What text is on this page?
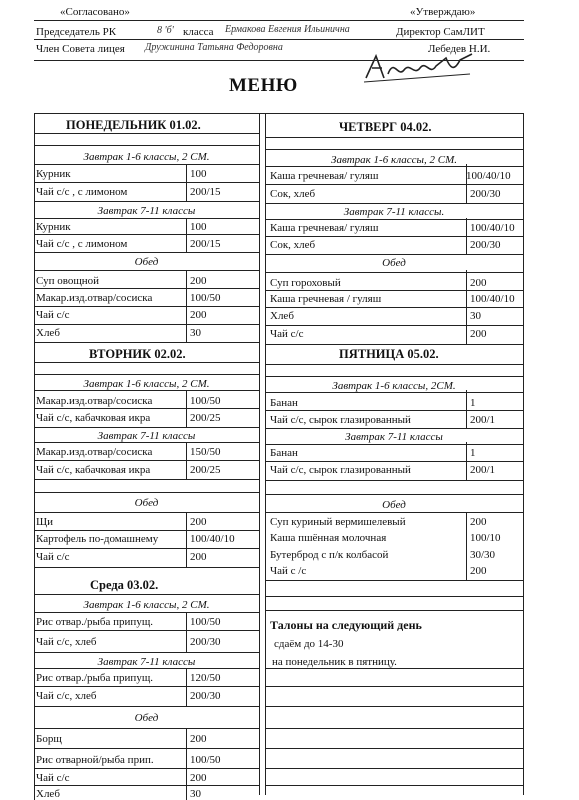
«Согласовано»	«Утверждаю»
Председатель РК	8 'б' класса Ермакова Евгения Ильинична	Директор СамЛИТ
Член Совета лицея Дружинина Татьяна Федоровна	Лебедев Н.И.
МЕНЮ
ПОНЕДЕЛЬНИК 01.02.
Завтрак 1-6 классы, 2 СМ.
Курник	100
Чай с/с , с лимоном	200/15
Завтрак 7-11 классы
Курник	100
Чай с/с , с лимоном	200/15
Обед
Суп овощной	200
Макар.изд.отвар/сосиска	100/50
Чай с/с	200
Хлеб	30
ВТОРНИК 02.02.
Завтрак 1-6 классы, 2 СМ.
Макар.изд.отвар/сосиска	100/50
Чай с/с, кабачковая икра	200/25
Завтрак 7-11 классы
Макар.изд.отвар/сосиска	150/50
Чай с/с, кабачковая икра	200/25
Обед
Щи	200
Картофель по-домашнему	100/40/10
Чай с/с	200
Среда 03.02.
Завтрак 1-6 классы, 2 СМ.
Рис отвар./рыба припущ.	100/50
Чай с/с, хлеб	200/30
Завтрак 7-11 классы
Рис отвар./рыба припущ.	120/50
Чай с/с, хлеб	200/30
Обед
Борщ	200
Рис отварной/рыба прип.	100/50
Чай с/с	200
Хлеб	30
ЧЕТВЕРГ 04.02.
Завтрак 1-6 классы, 2 СМ.
Каша гречневая/ гуляш	100/40/10
Сок, хлеб	200/30
Завтрак 7-11 классы.
Каша гречневая/ гуляш	100/40/10
Сок, хлеб	200/30
Обед
Суп гороховый	200
Каша гречневая / гуляш	100/40/10
Хлеб	30
Чай с/с	200
ПЯТНИЦА 05.02.
Завтрак 1-6 классы, 2СМ.
Банан	1
Чай с/с, сырок глазированный	200/1
Завтрак 7-11 классы
Банан	1
Чай с/с, сырок глазированный	200/1
Обед
Суп куриный вермишелевый	200
Каша пшённая молочная	100/10
Бутерброд с п/к колбасой	30/30
Чай с /с	200
Талоны на следующий день
сдаём до 14-30
на понедельник в пятницу.
